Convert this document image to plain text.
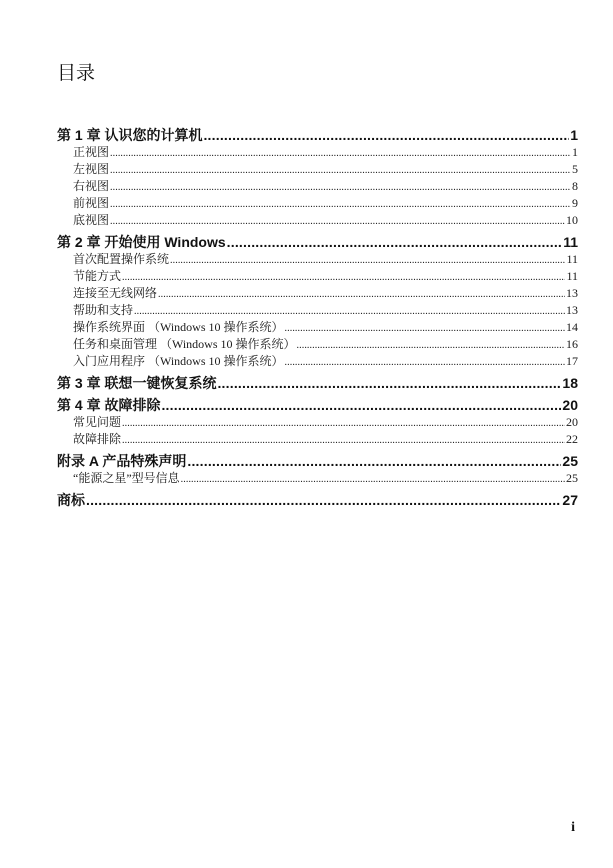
目录
第 1 章 认识您的计算机 .....	1
正视图 .....	1
左视图 .....	5
右视图 .....	8
前视图 .....	9
底视图 .....	10
第 2 章 开始使用 Windows .....	11
首次配置操作系统 .....	11
节能方式 .....	11
连接至无线网络 .....	13
帮助和支持 .....	13
操作系统界面 （Windows 10 操作系统） .....	14
任务和桌面管理 （Windows 10 操作系统） .....	16
入门应用程序 （Windows 10 操作系统） .....	17
第 3 章 联想一键恢复系统 .....	18
第 4 章 故障排除 .....	20
常见问题 .....	20
故障排除 .....	22
附录 A 产品特殊声明 .....	25
“能源之星”型号信息 .....	25
商标 .....	27
i
